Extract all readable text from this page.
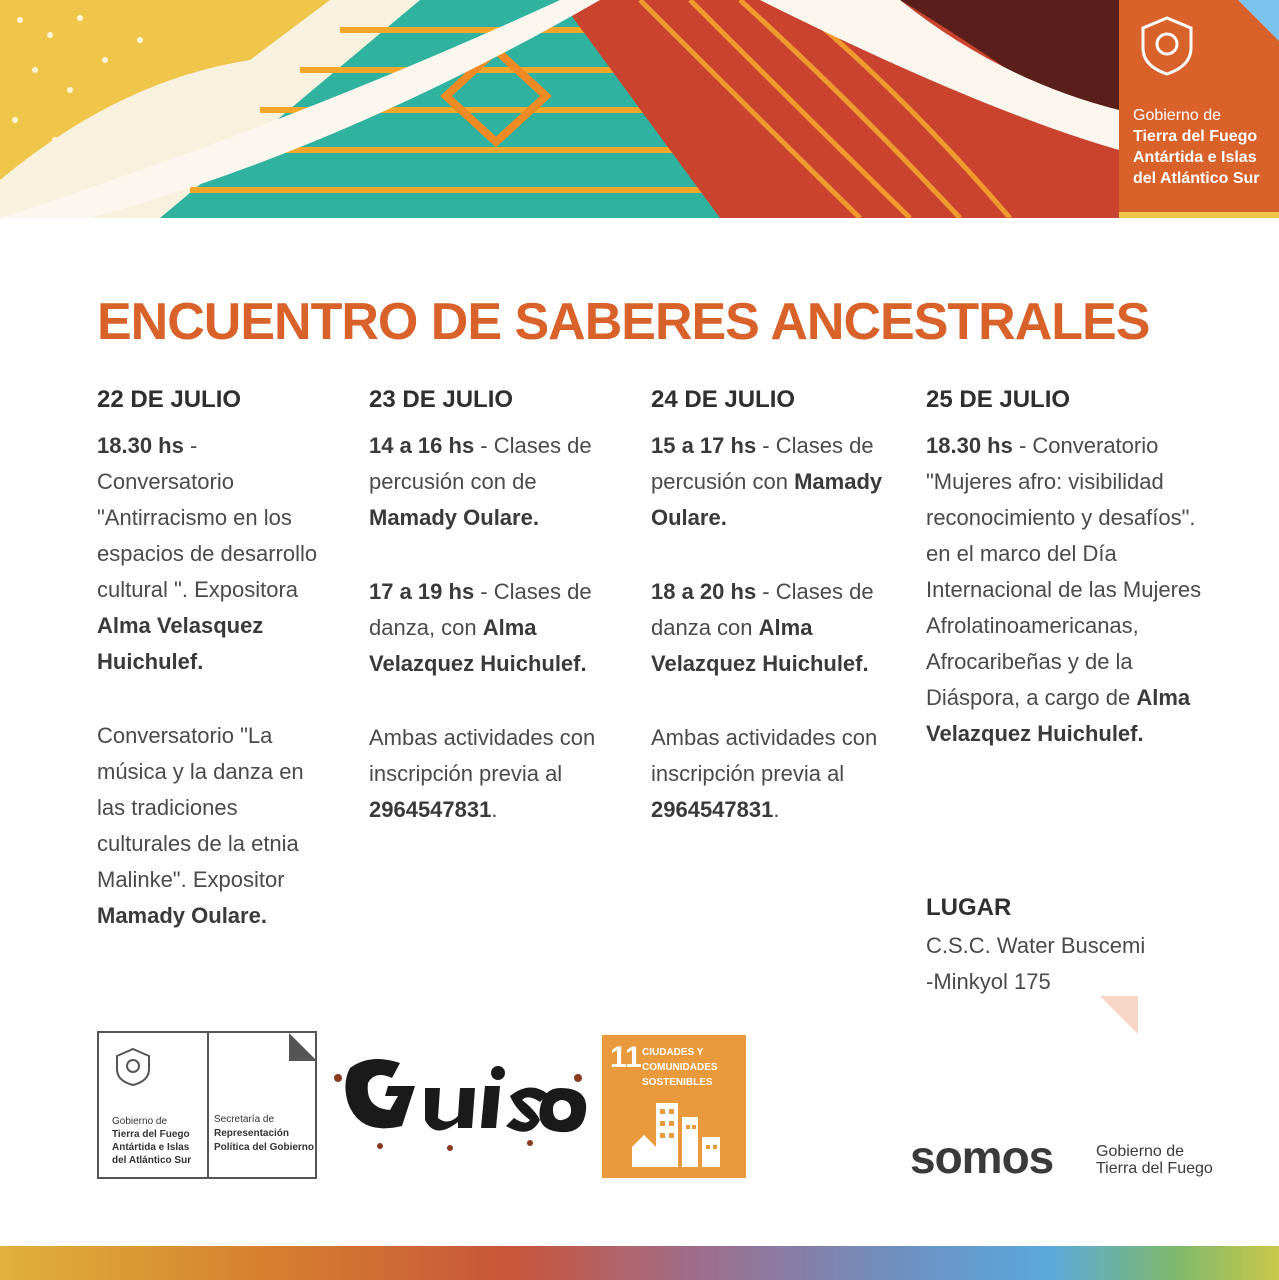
Gobierno de
Tierra del Fuego
Antártida e Islas
del Atlántico Sur
ENCUENTRO DE SABERES ANCESTRALES
22 DE JULIO

18.30 hs - Conversatorio "Antirracismo en los espacios de desarrollo cultural ". Expositora Alma Velasquez Huichulef.

Conversatorio "La música y la danza en las tradiciones culturales de la etnia Malinke". Expositor Mamady Oulare.

23 DE JULIO

14 a 16 hs - Clases de percusión con de Mamady Oulare.

17 a 19 hs - Clases de danza, con Alma Velazquez Huichulef.

Ambas actividades con inscripción previa al 2964547831.

24 DE JULIO

15 a 17 hs - Clases de percusión con Mamady Oulare.

18 a 20 hs - Clases de danza con Alma Velazquez Huichulef.

Ambas actividades con inscripción previa al 2964547831.

25 DE JULIO

18.30 hs - Converatorio "Mujeres afro: visibilidad reconocimiento y desafíos". en el marco del Día Internacional de las Mujeres Afrolatinoamericanas, Afrocaribeñas y de la Diáspora, a cargo de Alma Velazquez Huichulef.

LUGAR

C.S.C. Water Buscemi
-Minkyol 175

Gobierno de
Tierra del Fuego
Antártida e Islas
del Atlántico Sur
Secretaría de
Representación
Política del Gobierno
11 CIUDADES Y
COMUNIDADES
SOSTENIBLES
somos	Gobierno de
Tierra del Fuego
